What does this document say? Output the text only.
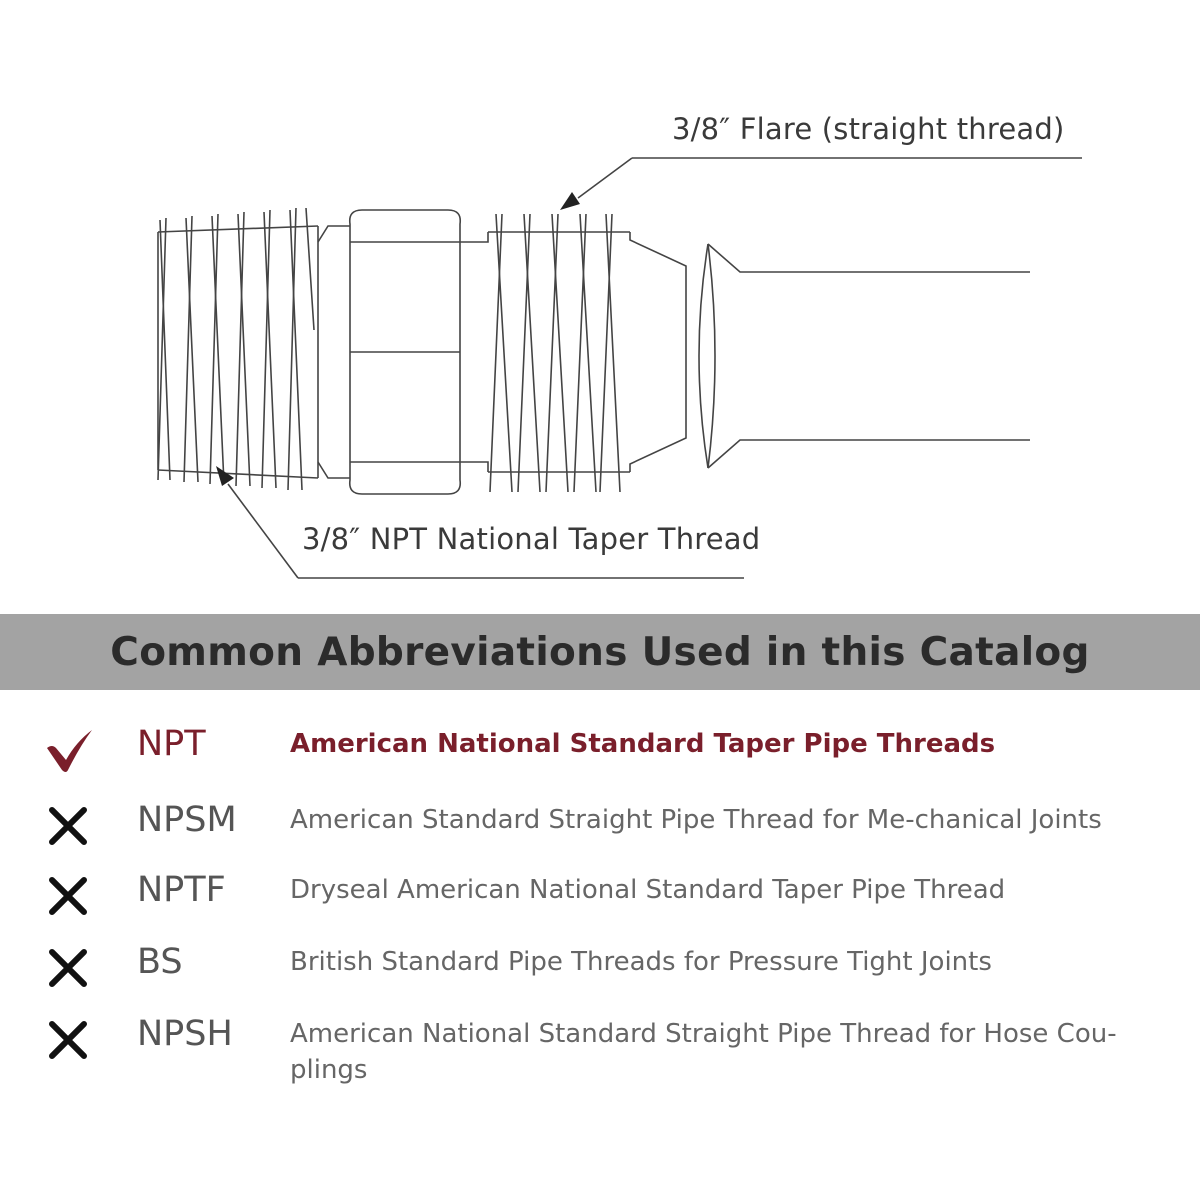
3/8″ Flare (straight thread)
3/8″ NPT National Taper Thread
Common Abbreviations Used in this Catalog
NPT	American National Standard Taper Pipe Threads
NPSM American Standard Straight Pipe Thread for Me-chanical Joints
NPTF Dryseal American National Standard Taper Pipe Thread
BS	British Standard Pipe Threads for Pressure Tight Joints
NPSH American National Standard Straight Pipe Thread for Hose Cou-plings
